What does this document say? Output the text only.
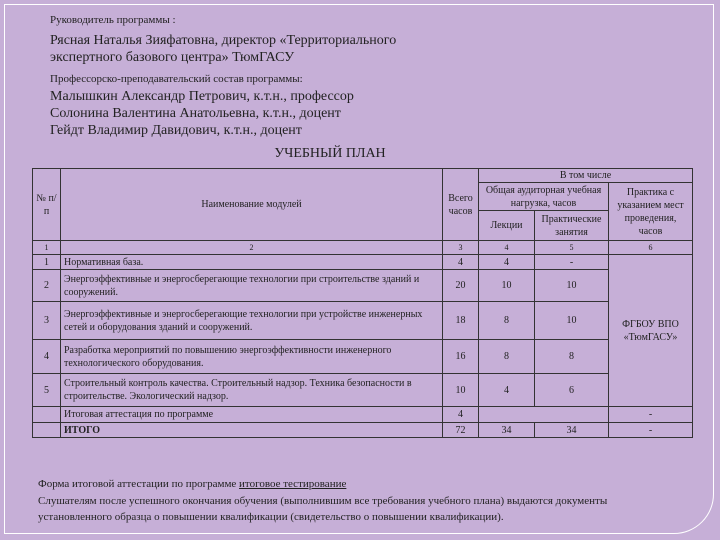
Руководитель программы :
Рясная Наталья Зияфатовна, директор «Территориального
экспертного базового центра» ТюмГАСУ
Профессорско-преподавательский состав программы:
Малышкин Александр Петрович, к.т.н., профессор
Солонина Валентина Анатольевна, к.т.н., доцент
Гейдт Владимир Давидович, к.т.н., доцент
УЧЕБНЫЙ ПЛАН
№ п/п	Наименование модулей	Всего часов	В том числе		
			Общая аудиторная учебная нагрузка, часов		Практика с указанием мест проведения, часов
			Лекции	Практические занятия	
1	2	3	4	5	6
1	Нормативная база.	4	4	-	ФГБОУ ВПО «ТюмГАСУ»
2	Энергоэффективные и энергосберегающие технологии при строительстве зданий и сооружений.	20	10	10	
3	Энергоэффективные и энергосберегающие технологии при устройстве инженерных сетей и оборудования зданий и сооружений.	18	8	10	
4	Разработка мероприятий по повышению энергоэффективности инженерного технологического оборудования.	16	8	8	
5	Строительный контроль качества. Строительный надзор. Техника безопасности в строительстве. Экологический надзор.	10	4	6	
	Итоговая аттестация по программе	4			-
	ИТОГО	72	34	34	-
Форма итоговой аттестации по программе итоговое тестирование
Слушателям после успешного окончания обучения (выполнившим все требования учебного плана) выдаются документы
установленного образца о повышении квалификации (свидетельство о повышении квалификации).
